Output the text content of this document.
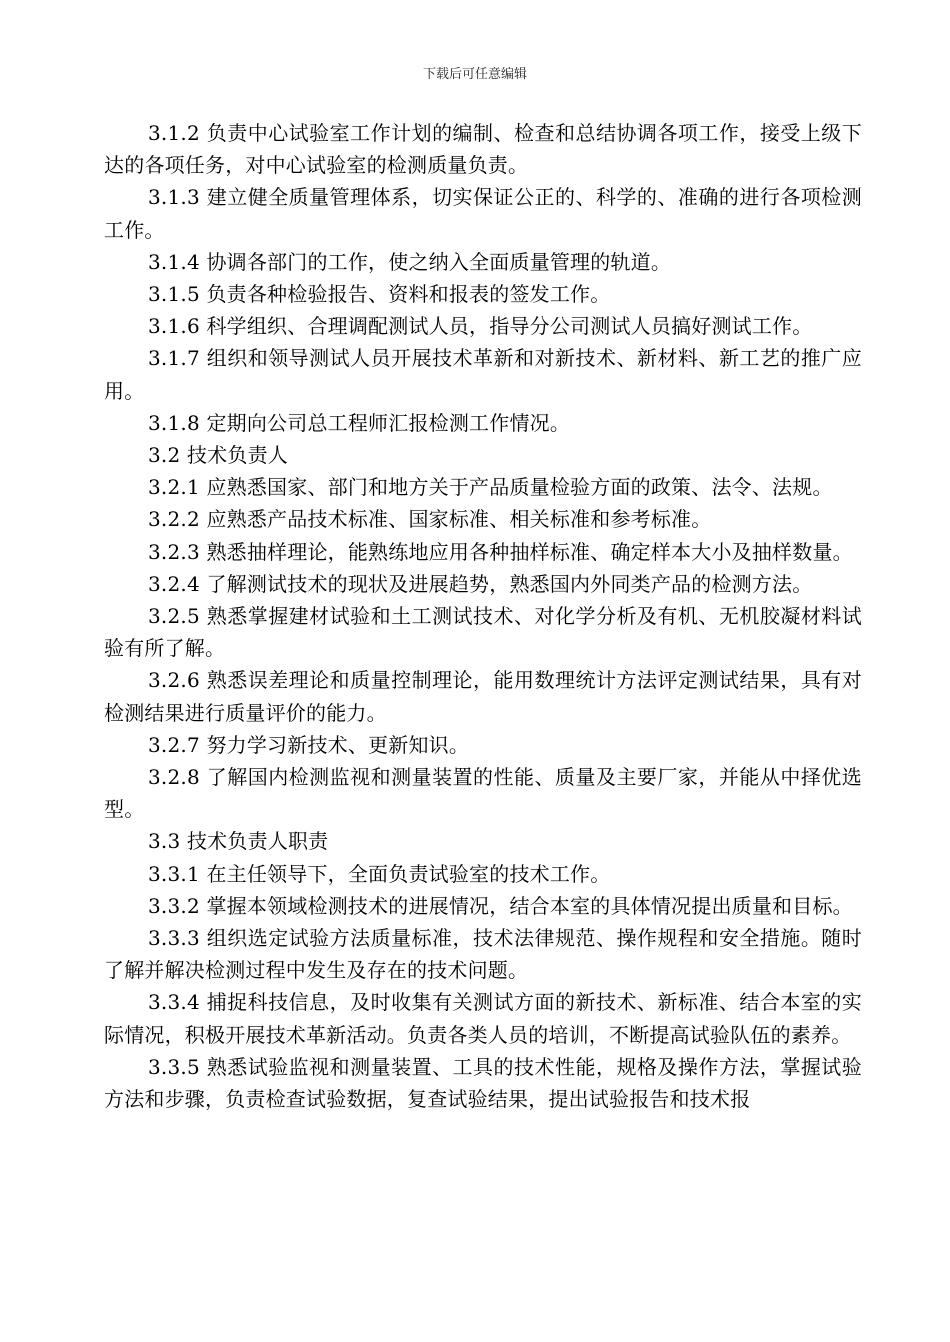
下载后可任意编辑

3.1.2 负责中心试验室工作计划的编制、检查和总结协调各项工作，接受上级下达的各项任务，对中心试验室的检测质量负责。

3.1.3 建立健全质量管理体系，切实保证公正的、科学的、准确的进行各项检测工作。

3.1.4 协调各部门的工作，使之纳入全面质量管理的轨道。

3.1.5 负责各种检验报告、资料和报表的签发工作。

3.1.6 科学组织、合理调配测试人员，指导分公司测试人员搞好测试工作。

3.1.7 组织和领导测试人员开展技术革新和对新技术、新材料、新工艺的推广应用。

3.1.8 定期向公司总工程师汇报检测工作情况。

3.2 技术负责人

3.2.1 应熟悉国家、部门和地方关于产品质量检验方面的政策、法令、法规。

3.2.2 应熟悉产品技术标准、国家标准、相关标准和参考标准。

3.2.3 熟悉抽样理论，能熟练地应用各种抽样标准、确定样本大小及抽样数量。

3.2.4 了解测试技术的现状及进展趋势，熟悉国内外同类产品的检测方法。

3.2.5 熟悉掌握建材试验和土工测试技术、对化学分析及有机、无机胶凝材料试验有所了解。

3.2.6 熟悉误差理论和质量控制理论，能用数理统计方法评定测试结果，具有对检测结果进行质量评价的能力。

3.2.7 努力学习新技术、更新知识。

3.2.8 了解国内检测监视和测量装置的性能、质量及主要厂家，并能从中择优选型。

3.3 技术负责人职责

3.3.1 在主任领导下，全面负责试验室的技术工作。

3.3.2 掌握本领域检测技术的进展情况，结合本室的具体情况提出质量和目标。

3.3.3 组织选定试验方法质量标准，技术法律规范、操作规程和安全措施。随时了解并解决检测过程中发生及存在的技术问题。

3.3.4 捕捉科技信息，及时收集有关测试方面的新技术、新标准、结合本室的实际情况，积极开展技术革新活动。负责各类人员的培训，不断提高试验队伍的素养。

3.3.5 熟悉试验监视和测量装置、工具的技术性能，规格及操作方法，掌握试验方法和步骤，负责检查试验数据，复查试验结果，提出试验报告和技术报
